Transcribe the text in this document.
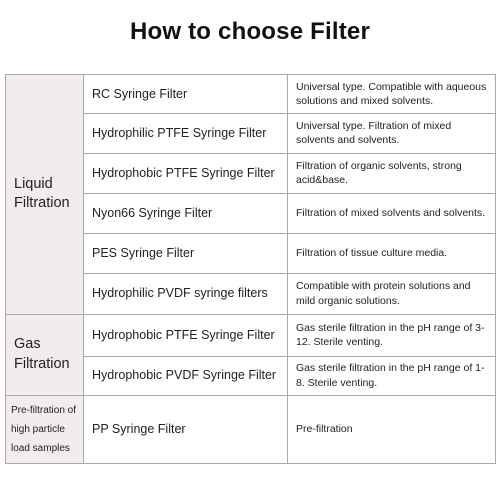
How to choose Filter
Liquid Filtration	RC Syringe Filter	Universal type. Compatible with aqueous solutions and mixed solvents.
	Hydrophilic PTFE Syringe Filter	Universal type. Filtration of mixed solvents and solvents.
	Hydrophobic PTFE Syringe Filter	Filtration of organic solvents, strong acid&base.
	Nyon66 Syringe Filter	Filtration of mixed solvents and solvents.
	PES Syringe Filter	Filtration of tissue culture media.
	Hydrophilic PVDF syringe filters	Compatible with protein solutions and mild organic solutions.
Gas Filtration	Hydrophobic PTFE Syringe Filter	Gas sterile filtration in the pH range of 3-12. Sterile venting.
	Hydrophobic PVDF Syringe Filter	Gas sterile filtration in the pH range of 1-8. Sterile venting.
Pre-filtration of high particle load samples	PP Syringe Filter	Pre-filtration
